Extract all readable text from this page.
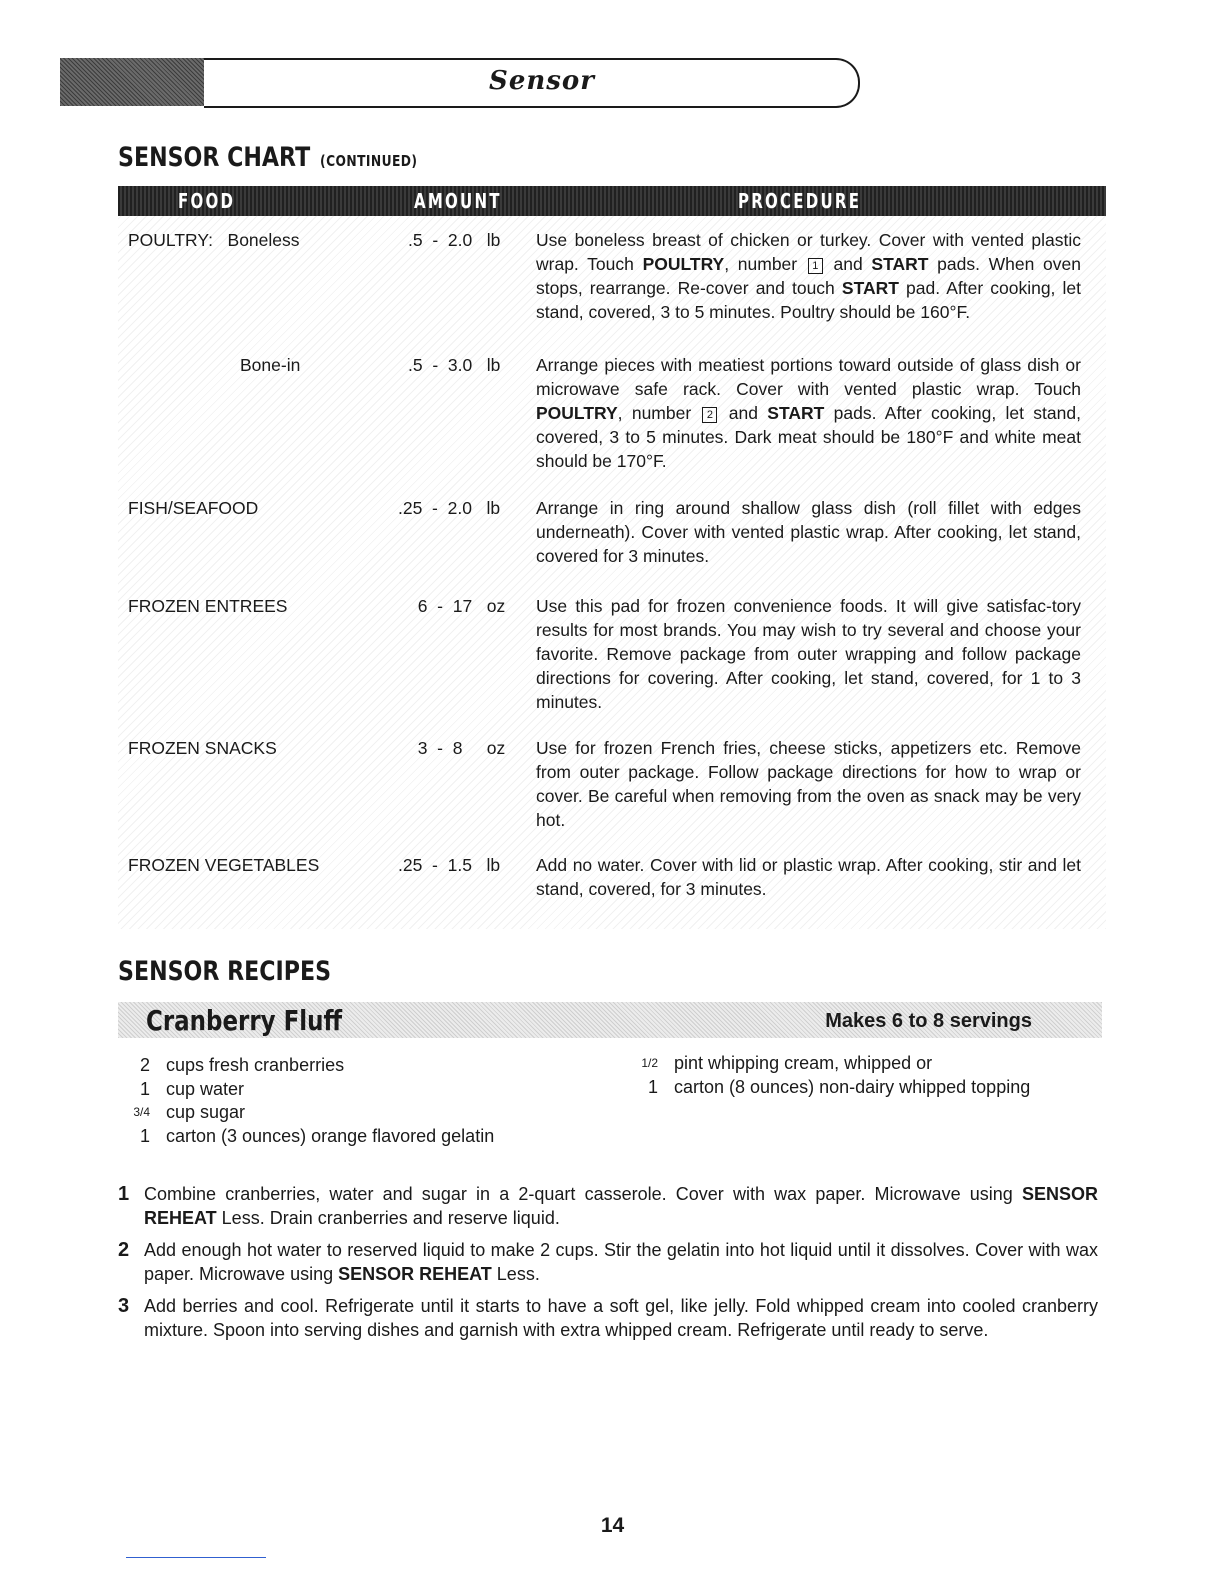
Sensor
SENSOR CHART (CONTINUED)
FOOD	AMOUNT	PROCEDURE
POULTRY:   Boneless	.5  -  2.0   lb	Use boneless breast of chicken or turkey. Cover with vented plastic wrap. Touch POULTRY, number 1 and START pads. When oven stops, rearrange. Re-cover and touch START pad. After cooking, let stand, covered, 3 to 5 minutes. Poultry should be 160°F.
Bone-in	.5  -  3.0   lb	Arrange pieces with meatiest portions toward outside of glass dish or microwave safe rack. Cover with vented plastic wrap. Touch POULTRY, number 2 and START pads. After cooking, let stand, covered, 3 to 5 minutes. Dark meat should be 180°F and white meat should be 170°F.
FISH/SEAFOOD	.25  -  2.0   lb Arrange in ring around shallow glass dish (roll fillet with edges underneath). Cover with vented plastic wrap. After cooking, let stand, covered for 3 minutes.
FROZEN ENTREES	6  -  17   oz Use this pad for frozen convenience foods. It will give satisfac-tory results for most brands. You may wish to try several and choose your favorite. Remove package from outer wrapping and follow package directions for covering. After cooking, let stand, covered, for 1 to 3 minutes.
FROZEN SNACKS	3  -  8     oz Use for frozen French fries, cheese sticks, appetizers etc. Remove from outer package. Follow package directions for how to wrap or cover. Be careful when removing from the oven as snack may be very hot.
FROZEN VEGETABLES	.25  -  1.5   lb Add no water. Cover with lid or plastic wrap. After cooking, stir and let stand, covered, for 3 minutes.
SENSOR RECIPES
Cranberry Fluff	Makes 6 to 8 servings
2 cups fresh cranberries
1 cup water
3/4 cup sugar
1 carton (3 ounces) orange flavored gelatin
1/2 pint whipping cream, whipped or
1 carton (8 ounces) non-dairy whipped topping
1 Combine cranberries, water and sugar in a 2-quart casserole. Cover with wax paper. Microwave using SENSOR REHEAT Less. Drain cranberries and reserve liquid.
2 Add enough hot water to reserved liquid to make 2 cups. Stir the gelatin into hot liquid until it dissolves. Cover with wax paper. Microwave using SENSOR REHEAT Less.
3 Add berries and cool. Refrigerate until it starts to have a soft gel, like jelly. Fold whipped cream into cooled cranberry mixture. Spoon into serving dishes and garnish with extra whipped cream. Refrigerate until ready to serve.
14
